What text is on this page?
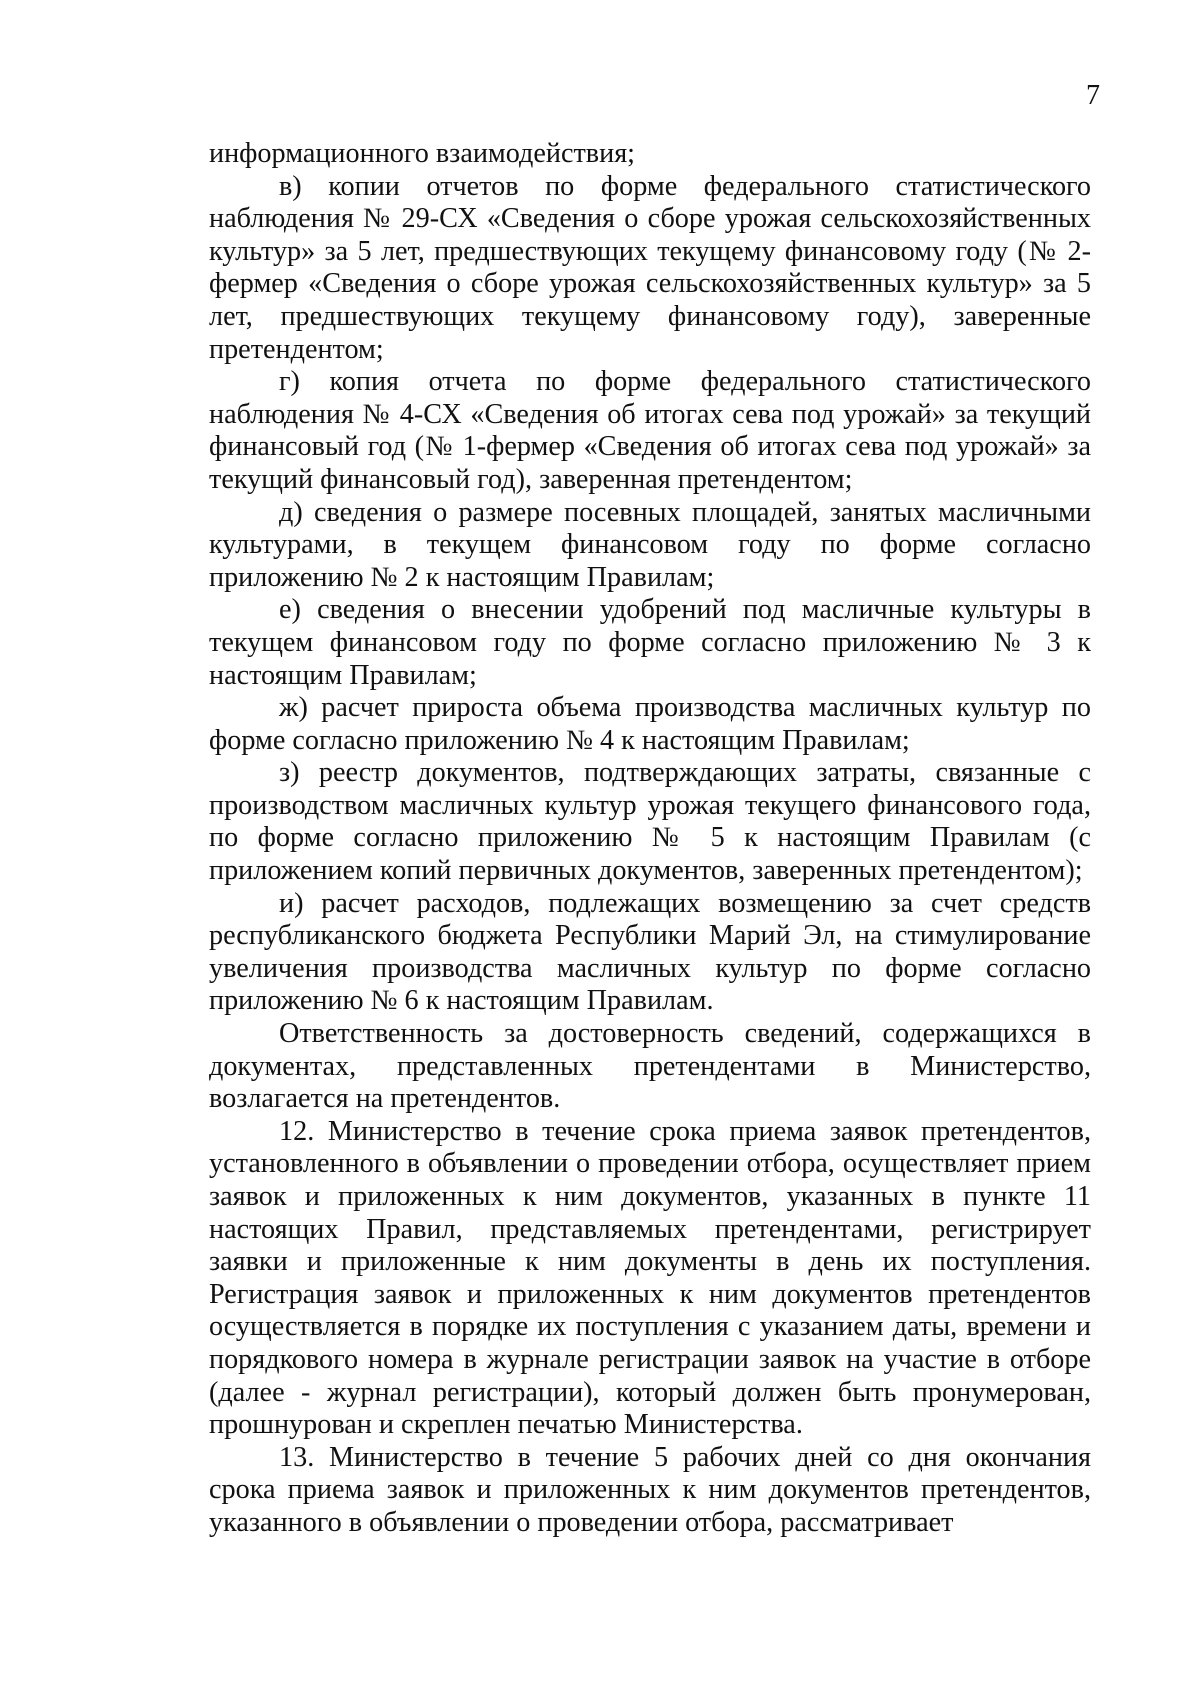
7

информационного взаимодействия;

в) копии отчетов по форме федерального статистического наблюдения № 29-СХ «Сведения о сборе урожая сельскохозяйственных культур» за 5 лет, предшествующих текущему финансовому году (№ 2-фермер «Сведения о сборе урожая сельскохозяйственных культур» за 5 лет, предшествующих текущему финансовому году), заверенные претендентом;

г) копия отчета по форме федерального статистического наблюдения № 4-СХ «Сведения об итогах сева под урожай» за текущий финансовый год (№ 1-фермер «Сведения об итогах сева под урожай» за текущий финансовый год), заверенная претендентом;

д) сведения о размере посевных площадей, занятых масличными культурами, в текущем финансовом году по форме согласно приложению № 2 к настоящим Правилам;

е) сведения о внесении удобрений под масличные культуры в текущем финансовом году по форме согласно приложению № 3 к настоящим Правилам;

ж) расчет прироста объема производства масличных культур по форме согласно приложению № 4 к настоящим Правилам;

з) реестр документов, подтверждающих затраты, связанные с производством масличных культур урожая текущего финансового года, по форме согласно приложению № 5 к настоящим Правилам (с приложением копий первичных документов, заверенных претендентом);

и) расчет расходов, подлежащих возмещению за счет средств республиканского бюджета Республики Марий Эл, на стимулирование увеличения производства масличных культур по форме согласно приложению № 6 к настоящим Правилам.

Ответственность за достоверность сведений, содержащихся в документах, представленных претендентами в Министерство, возлагается на претендентов.

12. Министерство в течение срока приема заявок претендентов, установленного в объявлении о проведении отбора, осуществляет прием заявок и приложенных к ним документов, указанных в пункте 11 настоящих Правил, представляемых претендентами, регистрирует заявки и приложенные к ним документы в день их поступления. Регистрация заявок и приложенных к ним документов претендентов осуществляется в порядке их поступления с указанием даты, времени и порядкового номера в журнале регистрации заявок на участие в отборе (далее - журнал регистрации), который должен быть пронумерован, прошнурован и скреплен печатью Министерства.

13. Министерство в течение 5 рабочих дней со дня окончания срока приема заявок и приложенных к ним документов претендентов, указанного в объявлении о проведении отбора, рассматривает
